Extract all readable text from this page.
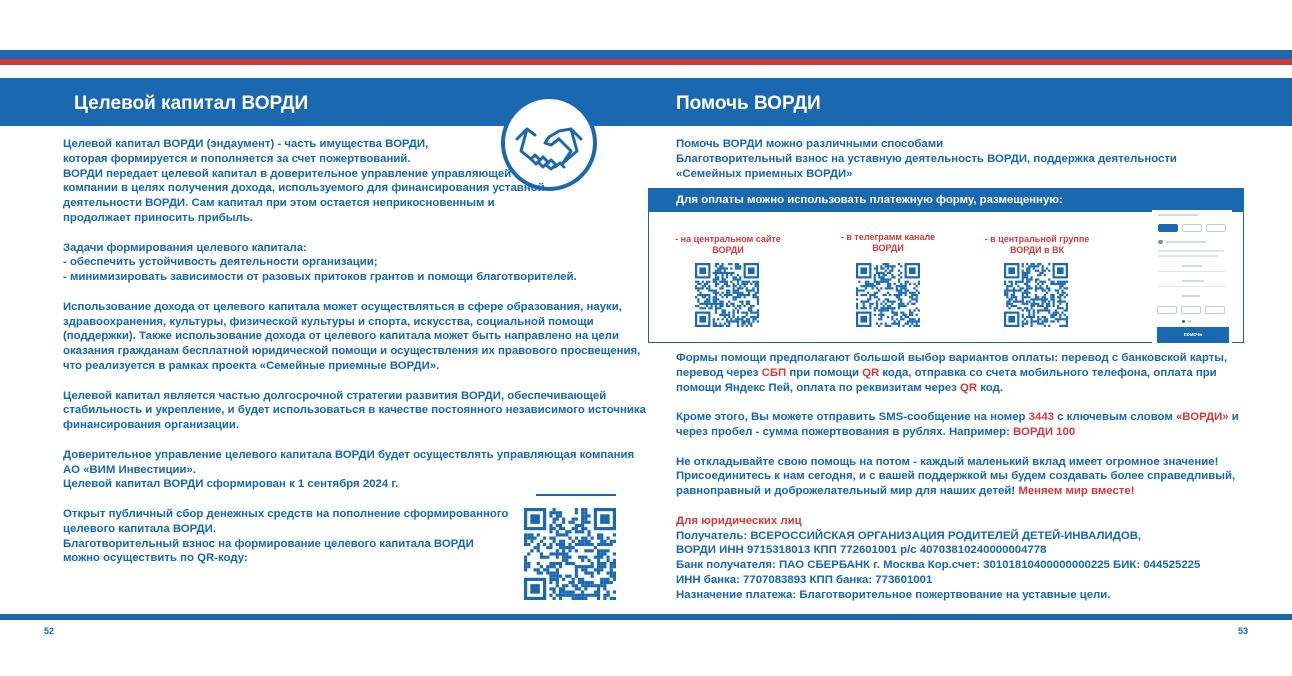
Целевой капитал ВОРДИ	Помочь ВОРДИ

Целевой капитал ВОРДИ (эндаумент) - часть имущества ВОРДИ,

которая формируется и пополняется за счет пожертвований.

ВОРДИ передает целевой капитал в доверительное управление управляющей

компании в целях получения дохода, используемого для финансирования уставной

деятельности ВОРДИ. Сам капитал при этом остается неприкосновенным и

продолжает приносить прибыль.

Задачи формирования целевого капитала:

- обеспечить устойчивость деятельности организации;

- минимизировать зависимости от разовых притоков грантов и помощи благотворителей.

Использование дохода от целевого капитала может осуществляться в сфере образования, науки,

здравоохранения, культуры, физической культуры и спорта, искусства, социальной помощи

(поддержки). Также использование дохода от целевого капитала может быть направлено на цели

оказания гражданам бесплатной юридической помощи и осуществления их правового просвещения,

что реализуется в рамках проекта «Семейные приемные ВОРДИ».

Целевой капитал является частью долгосрочной стратегии развития ВОРДИ, обеспечивающей

стабильность и укрепление, и будет использоваться в качестве постоянного независимого источника

финансирования организации.

Доверительное управление целевого капитала ВОРДИ будет осуществлять управляющая компания

АО «ВИМ Инвестиции».

Целевой капитал ВОРДИ сформирован к 1 сентября 2024 г.

Открыт публичный сбор денежных средств на пополнение сформированного

целевого капитала ВОРДИ.

Благотворительный взнос на формирование целевого капитала ВОРДИ

можно осуществить по QR-коду:

Помочь ВОРДИ можно различными способами

Благотворительный взнос на уставную деятельность ВОРДИ, поддержка деятельности

«Семейных приемных ВОРДИ»

Для оплаты можно использовать платежную форму, размещенную:
- на центральном сайте
ВОРДИ
- в телеграмм канале
ВОРДИ
- в центральной группе
ВОРДИ в ВК
помочь

Формы помощи предполагают большой выбор вариантов оплаты: перевод с банковской карты,

перевод через СБП при помощи QR кода, отправка со счета мобильного телефона, оплата при

помощи Яндекс Пей, оплата по реквизитам через QR код.

Кроме этого, Вы можете отправить SMS-сообщение на номер 3443 с ключевым словом «ВОРДИ» и

через пробел - сумма пожертвования в рублях. Например: ВОРДИ 100

Не откладывайте свою помощь на потом - каждый маленький вклад имеет огромное значение!

Присоединитесь к нам сегодня, и с вашей поддержкой мы будем создавать более справедливый,

равноправный и доброжелательный мир для наших детей! Меняем мир вместе!

Для юридических лиц

Получатель: ВСЕРОССИЙСКАЯ ОРГАНИЗАЦИЯ РОДИТЕЛЕЙ ДЕТЕЙ-ИНВАЛИДОВ,

ВОРДИ ИНН 9715318013 КПП 772601001 р/с 40703810240000004778

Банк получателя: ПАО СБЕРБАНК г. Москва Кор.счет: 30101810400000000225 БИК: 044525225

ИНН банка: 7707083893 КПП банка: 773601001

Назначение платежа: Благотворительное пожертвование на уставные цели.

52	53
